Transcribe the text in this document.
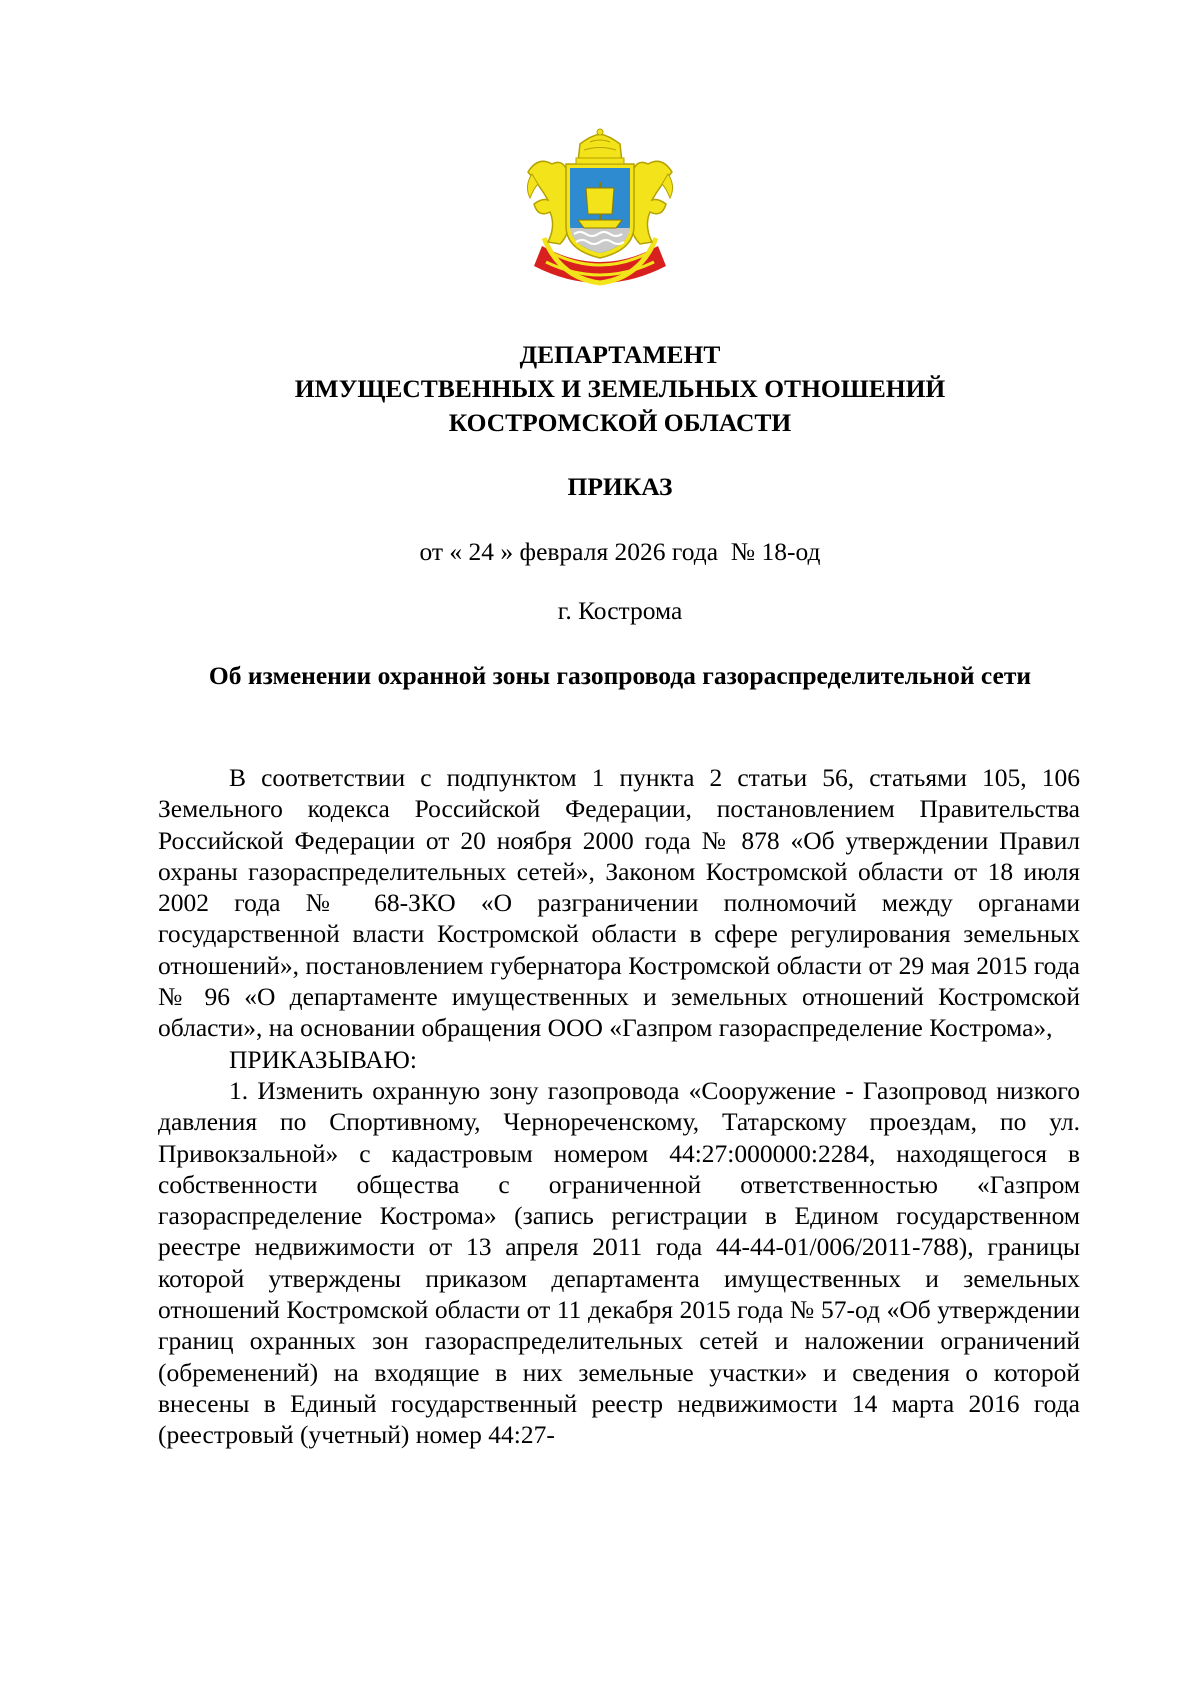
ДЕПАРТАМЕНТ
ИМУЩЕСТВЕННЫХ И ЗЕМЕЛЬНЫХ ОТНОШЕНИЙ
КОСТРОМСКОЙ ОБЛАСТИ
ПРИКАЗ
от « 24 » февраля 2026 года  № 18-од
г. Кострома
Об изменении охранной зоны газопровода газораспределительной сети

В соответствии с подпунктом 1 пункта 2 статьи 56, статьями 105, 106 Земельного кодекса Российской Федерации, постановлением Правительства Российской Федерации от 20 ноября 2000 года № 878 «Об утверждении Правил охраны газораспределительных сетей», Законом Костромской области от 18 июля 2002 года № 68-ЗКО «О разграничении полномочий между органами государственной власти Костромской области в сфере регулирования земельных отношений», постановлением губернатора Костромской области от 29 мая 2015 года № 96 «О департаменте имущественных и земельных отношений Костромской области», на основании обращения ООО «Газпром газораспределение Кострома»,

ПРИКАЗЫВАЮ:

1. Изменить охранную зону газопровода «Сооружение - Газопровод низкого давления по Спортивному, Чернореченскому, Татарскому проездам, по ул. Привокзальной» с кадастровым номером 44:27:000000:2284, находящегося в собственности общества с ограниченной ответственностью «Газпром газораспределение Кострома» (запись регистрации в Едином государственном реестре недвижимости от 13 апреля 2011 года 44-44-01/006/2011-788), границы которой утверждены приказом департамента имущественных и земельных отношений Костромской области от 11 декабря 2015 года № 57-од «Об утверждении границ охранных зон газораспределительных сетей и наложении ограничений (обременений) на входящие в них земельные участки» и сведения о которой внесены в Единый государственный реестр недвижимости 14 марта 2016 года (реестровый (учетный) номер 44:27-
